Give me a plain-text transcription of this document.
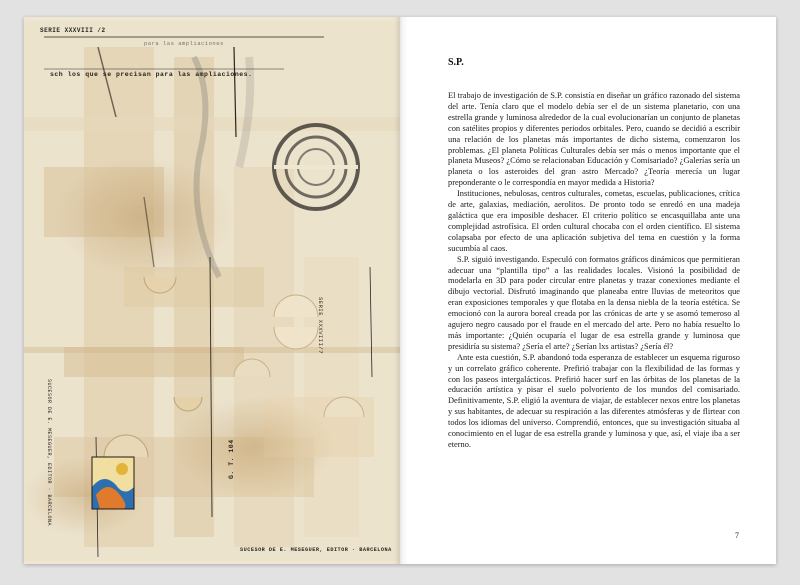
SERIE XXXVIII /2
para las ampliaciones
sch los que se precisan para las ampliaciones.
SERIE XXXVIII/7
SUCESOR DE E. MESEGUER, EDITOR · BARCELONA	G. T. 104
SUCESOR DE E. MESEGUER, EDITOR · BARCELONA
S.P.

El trabajo de investigación de S.P. consistía en diseñar un gráfico razonado del sistema del arte. Tenía claro que el modelo debía ser el de un sistema planetario, con una estrella grande y luminosa alrededor de la cual evolucionarían un conjunto de planetas con satélites propios y diferentes periodos orbitales. Pero, cuando se decidió a escribir una relación de los planetas más importantes de dicho sistema, comenzaron los problemas. ¿El planeta Políticas Culturales debía ser más o menos importante que el planeta Museos? ¿Cómo se relacionaban Educación y Comisariado? ¿Galerías sería un planeta o los asteroides del gran astro Mercado? ¿Teoría merecía un lugar preponderante o le correspondía en mayor medida a Historia?

Instituciones, nebulosas, centros culturales, cometas, escuelas, publicaciones, crítica de arte, galaxias, mediación, aerolitos. De pronto todo se enredó en una madeja galáctica que era imposible deshacer. El criterio político se encasquillaba ante una complejidad astrofísica. El orden cultural chocaba con el orden científico. El sistema colapsaba por efecto de una aplicación subjetiva del tema en cuestión y la forma sucumbía al caos.

S.P. siguió investigando. Especuló con formatos gráficos dinámicos que permitieran adecuar una “plantilla tipo” a las realidades locales. Visionó la posibilidad de modelarla en 3D para poder circular entre planetas y trazar conexiones mediante el dibujo vectorial. Disfrutó imaginando que planeaba entre lluvias de meteoritos que eran exposiciones temporales y que flotaba en la densa niebla de la teoría estética. Se emocionó con la aurora boreal creada por las crónicas de arte y se asomó temeroso al agujero negro causado por el fraude en el mercado del arte. Pero no había resuelto lo más importante: ¿Quién ocuparía el lugar de esa estrella grande y luminosa que presidiría su sistema? ¿Sería el arte? ¿Serían lxs artistas? ¿Sería él?

Ante esta cuestión, S.P. abandonó toda esperanza de establecer un esquema riguroso y un correlato gráfico coherente. Prefirió trabajar con la flexibilidad de las formas y con los paseos intergalácticos. Prefirió hacer surf en las órbitas de los planetas de la educación artística y pisar el suelo polvoriento de los mundos del comisariado. Definitivamente, S.P. eligió la aventura de viajar, de establecer nexos entre los planetas y sus habitantes, de adecuar su respiración a las diferentes atmósferas y de flirtear con todos los idiomas del universo. Comprendió, entonces, que su investigación situaba al conocimiento en el lugar de esa estrella grande y luminosa y que, así, el viaje iba a ser eterno.

7
